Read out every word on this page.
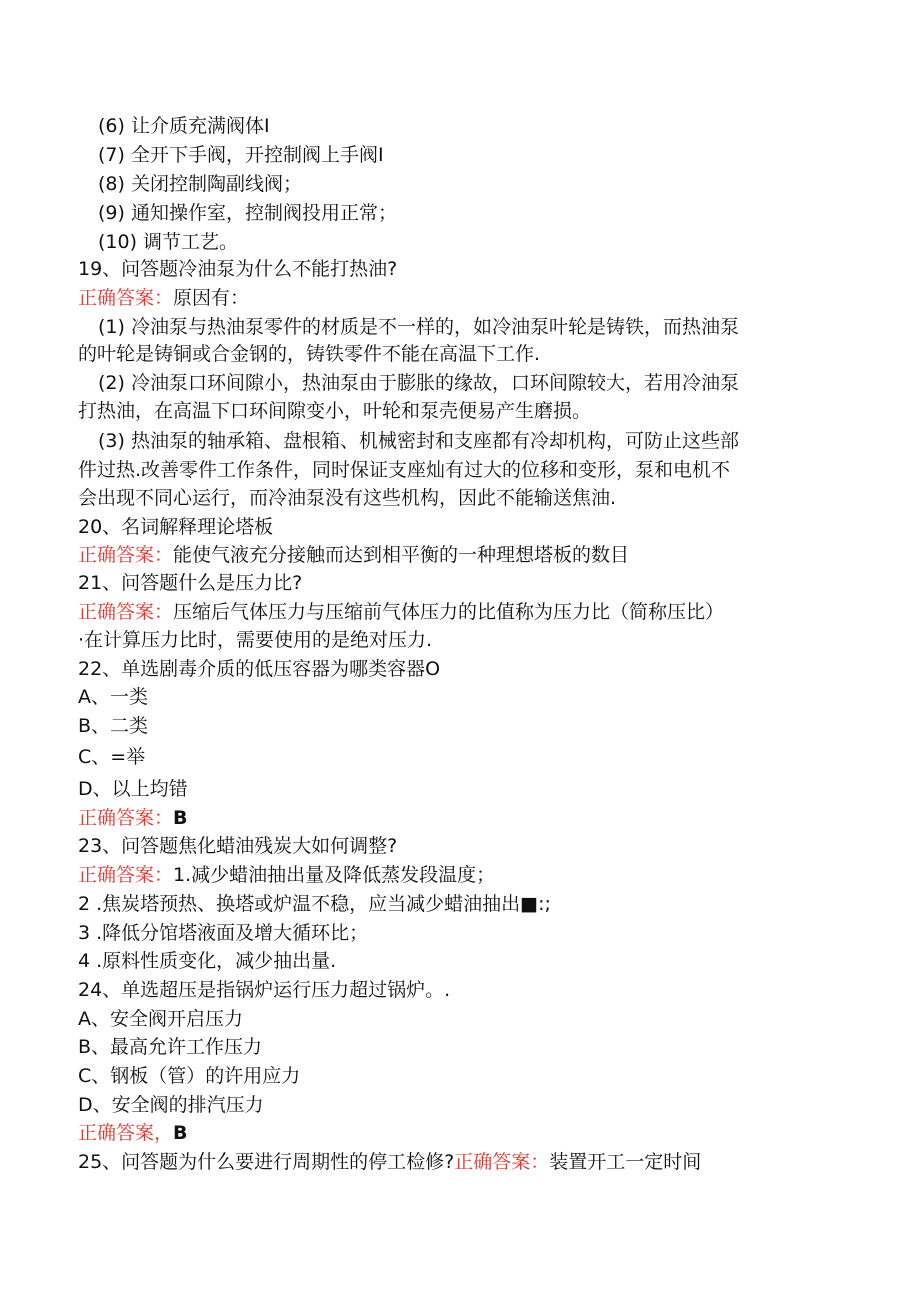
(6) 让介质充满阀体I
(7) 全开下手阀，开控制阀上手阀I
(8) 关闭控制陶副线阀；
(9) 通知操作室，控制阀投用正常；
(10) 调节工艺。
19、问答题冷油泵为什么不能打热油?
正确答案：原因有：
(1) 冷油泵与热油泵零件的材质是不一样的，如冷油泵叶轮是铸铁，而热油泵
的叶轮是铸铜或合金钢的，铸铁零件不能在高温下工作.
(2) 冷油泵口环间隙小，热油泵由于膨胀的缘故，口环间隙较大，若用冷油泵
打热油，在高温下口环间隙变小，叶轮和泵壳便易产生磨损。
(3) 热油泵的轴承箱、盘根箱、机械密封和支座都有冷却机构，可防止这些部
件过热.改善零件工作条件，同时保证支座灿有过大的位移和变形，泵和电机不
会出现不同心运行，而冷油泵没有这些机构，因此不能输送焦油.
20、名词解释理论塔板
正确答案：能使气液充分接触而达到相平衡的一种理想塔板的数目
21、问答题什么是压力比?
正确答案：压缩后气体压力与压缩前气体压力的比值称为压力比（简称压比）
·在计算压力比时，需要使用的是绝对压力.
22、单选剧毒介质的低压容器为哪类容器O
A、一类
B、二类
C、=举
D、以上均错
正确答案：B
23、问答题焦化蜡油残炭大如何调整?
正确答案：1.减少蜡油抽出量及降低蒸发段温度；
2 .焦炭塔预热、换塔或炉温不稳，应当减少蜡油抽出■:;
3 .降低分馆塔液面及增大循环比；
4 .原料性质变化，减少抽出量.
24、单选超压是指锅炉运行压力超过锅炉。.
A、安全阀开启压力
B、最高允许工作压力
C、钢板（管）的许用应力
D、安全阀的排汽压力
正确答案，B
25、问答题为什么要进行周期性的停工检修?正确答案：装置开工一定时间
